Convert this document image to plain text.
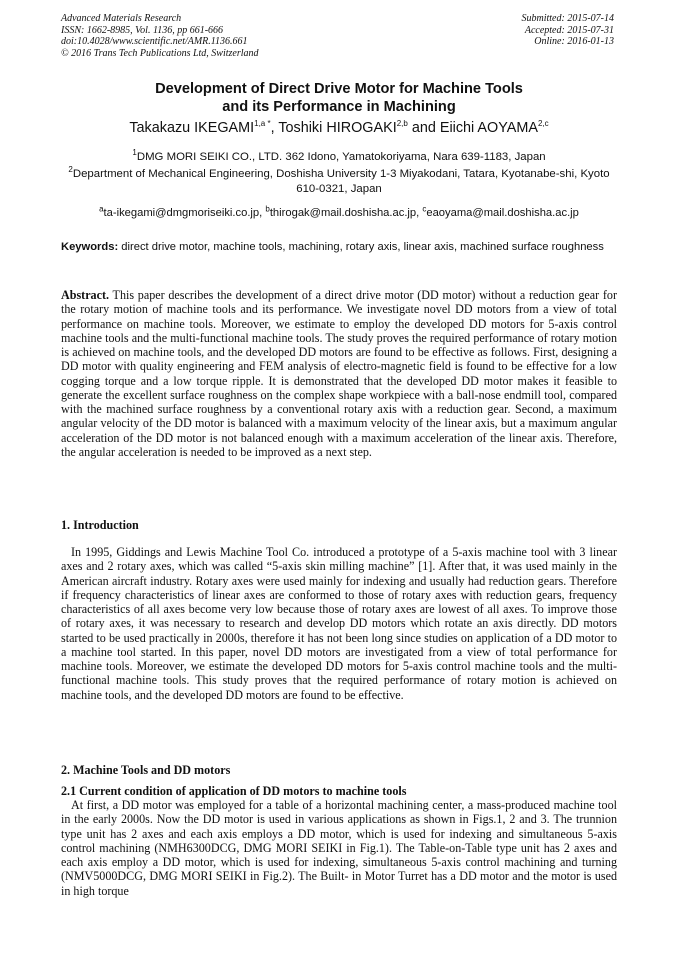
Advanced Materials Research
ISSN: 1662-8985, Vol. 1136, pp 661-666
doi:10.4028/www.scientific.net/AMR.1136.661
© 2016 Trans Tech Publications Ltd, Switzerland
Submitted: 2015-07-14
Accepted: 2015-07-31
Online: 2016-01-13
Development of Direct Drive Motor for Machine Tools
and its Performance in Machining
Takakazu $IKEGAMI^{1,a *}$, Toshiki HIROGAKI$^{2,b}$ and Eiichi AOYAMA$^{2,c}$
$^1$DMG MORI SEIKI CO., LTD. 362 Idono, Yamatokoriyama, Nara 639-1183, Japan
$^2$Department of Mechanical Engineering, Doshisha University 1-3 Miyakodani, Tatara, Kyotanabe-shi, Kyoto 610-0321, Japan
$^a$ta-ikegami@dmgmoriseiki.co.jp, $^b$thirogak@mail.doshisha.ac.jp, $^c$eaoyama@mail.doshisha.ac.jp
Keywords: direct drive motor, machine tools, machining, rotary axis, linear axis, machined surface roughness
Abstract. This paper describes the development of a direct drive motor (DD motor) without a reduction gear for the rotary motion of machine tools and its performance. We investigate novel DD motors from a view of total performance on machine tools. Moreover, we estimate to employ the developed DD motors for 5-axis control machine tools and the multi-functional machine tools. The study proves the required performance of rotary motion is achieved on machine tools, and the developed DD motors are found to be effective as follows. First, designing a DD motor with quality engineering and FEM analysis of electro-magnetic field is found to be effective for a low cogging torque and a low torque ripple. It is demonstrated that the developed DD motor makes it feasible to generate the excellent surface roughness on the complex shape workpiece with a ball-nose endmill tool, compared with the machined surface roughness by a conventional rotary axis with a reduction gear. Second, a maximum angular velocity of the DD motor is balanced with a maximum velocity of the linear axis, but a maximum angular acceleration of the DD motor is not balanced enough with a maximum acceleration of the linear axis. Therefore, the angular acceleration is needed to be improved as a next step.
1. Introduction
In 1995, Giddings and Lewis Machine Tool Co. introduced a prototype of a 5-axis machine tool with 3 linear axes and 2 rotary axes, which was called “5-axis skin milling machine” [1]. After that, it was used mainly in the American aircraft industry. Rotary axes were used mainly for indexing and usually had reduction gears. Therefore if frequency characteristics of linear axes are conformed to those of rotary axes with reduction gears, frequency characteristics of all axes become very low because those of rotary axes are lowest of all axes. To improve those of rotary axes, it was necessary to research and develop DD motors which rotate an axis directly. DD motors started to be used practically in 2000s, therefore it has not been long since studies on application of a DD motor to a machine tool started. In this paper, novel DD motors are investigated from a view of total performance for machine tools. Moreover, we estimate the developed DD motors for 5-axis control machine tools and the multi-functional machine tools. This study proves that the required performance of rotary motion is achieved on machine tools, and the developed DD motors are found to be effective.
2. Machine Tools and DD motors
2.1 Current condition of application of DD motors to machine tools
At first, a DD motor was employed for a table of a horizontal machining center, a mass-produced machine tool in the early 2000s. Now the DD motor is used in various applications as shown in Figs.1, 2 and 3. The trunnion type unit has 2 axes and each axis employs a DD motor, which is used for indexing and simultaneous 5-axis control machining (NMH6300DCG, DMG MORI SEIKI in Fig.1). The Table-on-Table type unit has 2 axes and each axis employ a DD motor, which is used for indexing, simultaneous 5-axis control machining and turning (NMV5000DCG, DMG MORI SEIKI in Fig.2). The Built- in Motor Turret has a DD motor and the motor is used in high torque
